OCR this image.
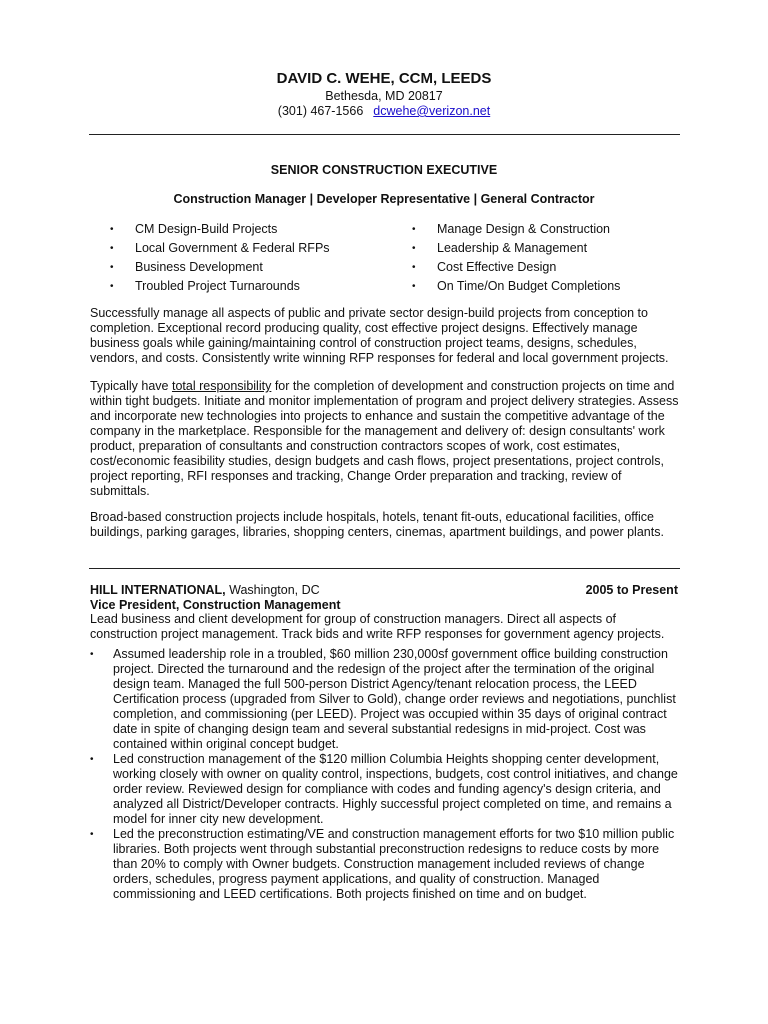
DAVID C. WEHE, CCM, LEEDS
Bethesda, MD 20817
(301) 467-1566 dcwehe@verizon.net
SENIOR CONSTRUCTION EXECUTIVE
Construction Manager | Developer Representative | General Contractor
• CM Design-Build Projects
• Local Government & Federal RFPs
• Business Development
• Troubled Project Turnarounds
• Manage Design & Construction
• Leadership & Management
• Cost Effective Design
• On Time/On Budget Completions

Successfully manage all aspects of public and private sector design-build projects from conception to completion. Exceptional record producing quality, cost effective project designs. Effectively manage business goals while gaining/maintaining control of construction project teams, designs, schedules, vendors, and costs. Consistently write winning RFP responses for federal and local government projects.

Typically have total responsibility for the completion of development and construction projects on time and within tight budgets. Initiate and monitor implementation of program and project delivery strategies. Assess and incorporate new technologies into projects to enhance and sustain the competitive advantage of the company in the marketplace. Responsible for the management and delivery of: design consultants' work product, preparation of consultants and construction contractors scopes of work, cost estimates, cost/economic feasibility studies, design budgets and cash flows, project presentations, project controls, project reporting, RFI responses and tracking, Change Order preparation and tracking, review of submittals.

Broad-based construction projects include hospitals, hotels, tenant fit-outs, educational facilities, office buildings, parking garages, libraries, shopping centers, cinemas, apartment buildings, and power plants.

HILL INTERNATIONAL, Washington, DC	2005 to Present
Vice President, Construction Management
Lead business and client development for group of construction managers. Direct all aspects of construction project management. Track bids and write RFP responses for government agency projects.
• Assumed leadership role in a troubled, $60 million 230,000sf government office building construction project. Directed the turnaround and the redesign of the project after the termination of the original design team. Managed the full 500-person District Agency/tenant relocation process, the LEED Certification process (upgraded from Silver to Gold), change order reviews and negotiations, punchlist completion, and commissioning (per LEED). Project was occupied within 35 days of original contract date in spite of changing design team and several substantial redesigns in mid-project. Cost was contained within original concept budget.
• Led construction management of the $120 million Columbia Heights shopping center development, working closely with owner on quality control, inspections, budgets, cost control initiatives, and change order review. Reviewed design for compliance with codes and funding agency's design criteria, and analyzed all District/Developer contracts. Highly successful project completed on time, and remains a model for inner city new development.
• Led the preconstruction estimating/VE and construction management efforts for two $10 million public libraries. Both projects went through substantial preconstruction redesigns to reduce costs by more than 20% to comply with Owner budgets. Construction management included reviews of change orders, schedules, progress payment applications, and quality of construction. Managed commissioning and LEED certifications. Both projects finished on time and on budget.
